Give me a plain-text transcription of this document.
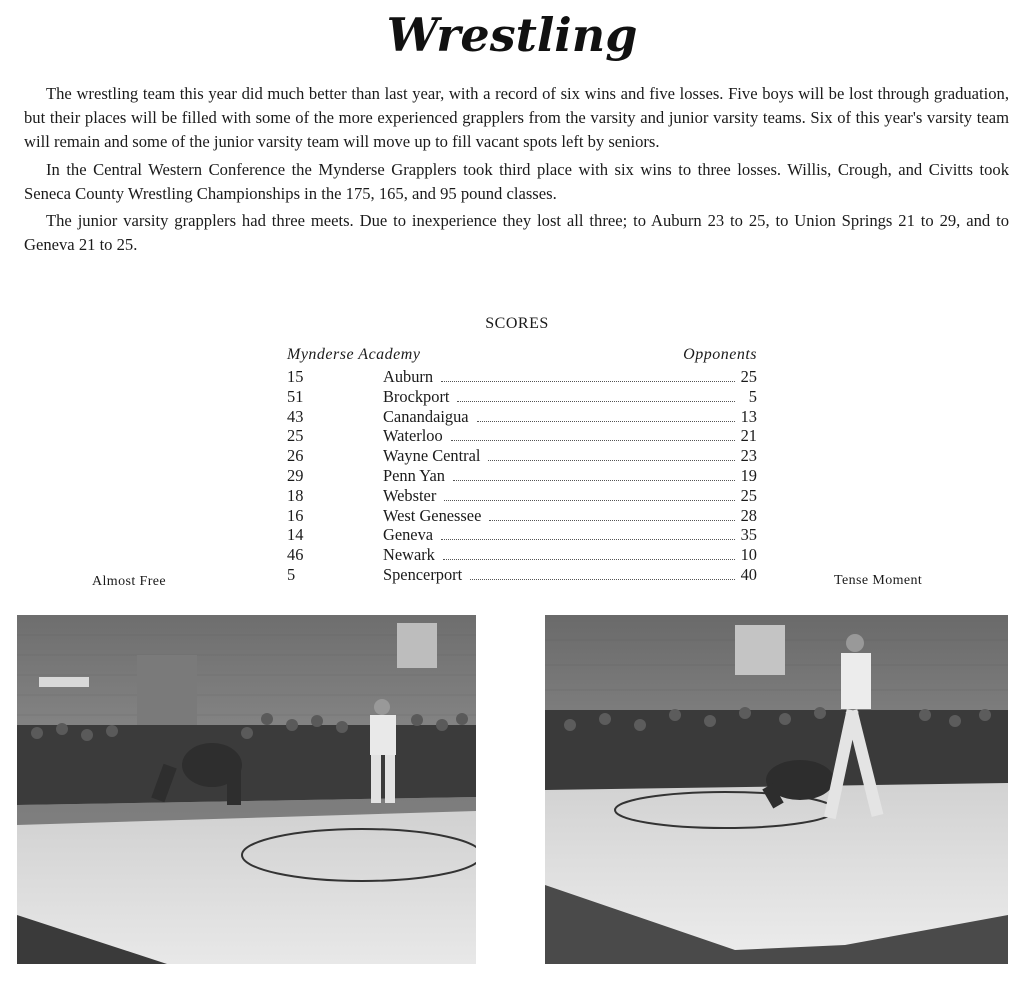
Wrestling

The wrestling team this year did much better than last year, with a record of six wins and five losses. Five boys will be lost through graduation, but their places will be filled with some of the more experienced grapplers from the varsity and junior varsity teams. Six of this year's varsity team will remain and some of the junior varsity team will move up to fill vacant spots left by seniors.

In the Central Western Conference the Mynderse Grapplers took third place with six wins to three losses. Willis, Crough, and Civitts took Seneca County Wrestling Championships in the 175, 165, and 95 pound classes.

The junior varsity grapplers had three meets. Due to inexperience they lost all three; to Auburn 23 to 25, to Union Springs 21 to 29, and to Geneva 21 to 25.

SCORES
Mynderse Academy	Opponents
15	Auburn	25
51	Brockport	5
43	Canandaigua	13
25	Waterloo	21
26	Wayne Central	23
29	Penn Yan	19
18	Webster	25
16	West Genessee	28
14	Geneva	35
46	Newark	10
5	Spencerport	40
Almost Free	Tense Moment
